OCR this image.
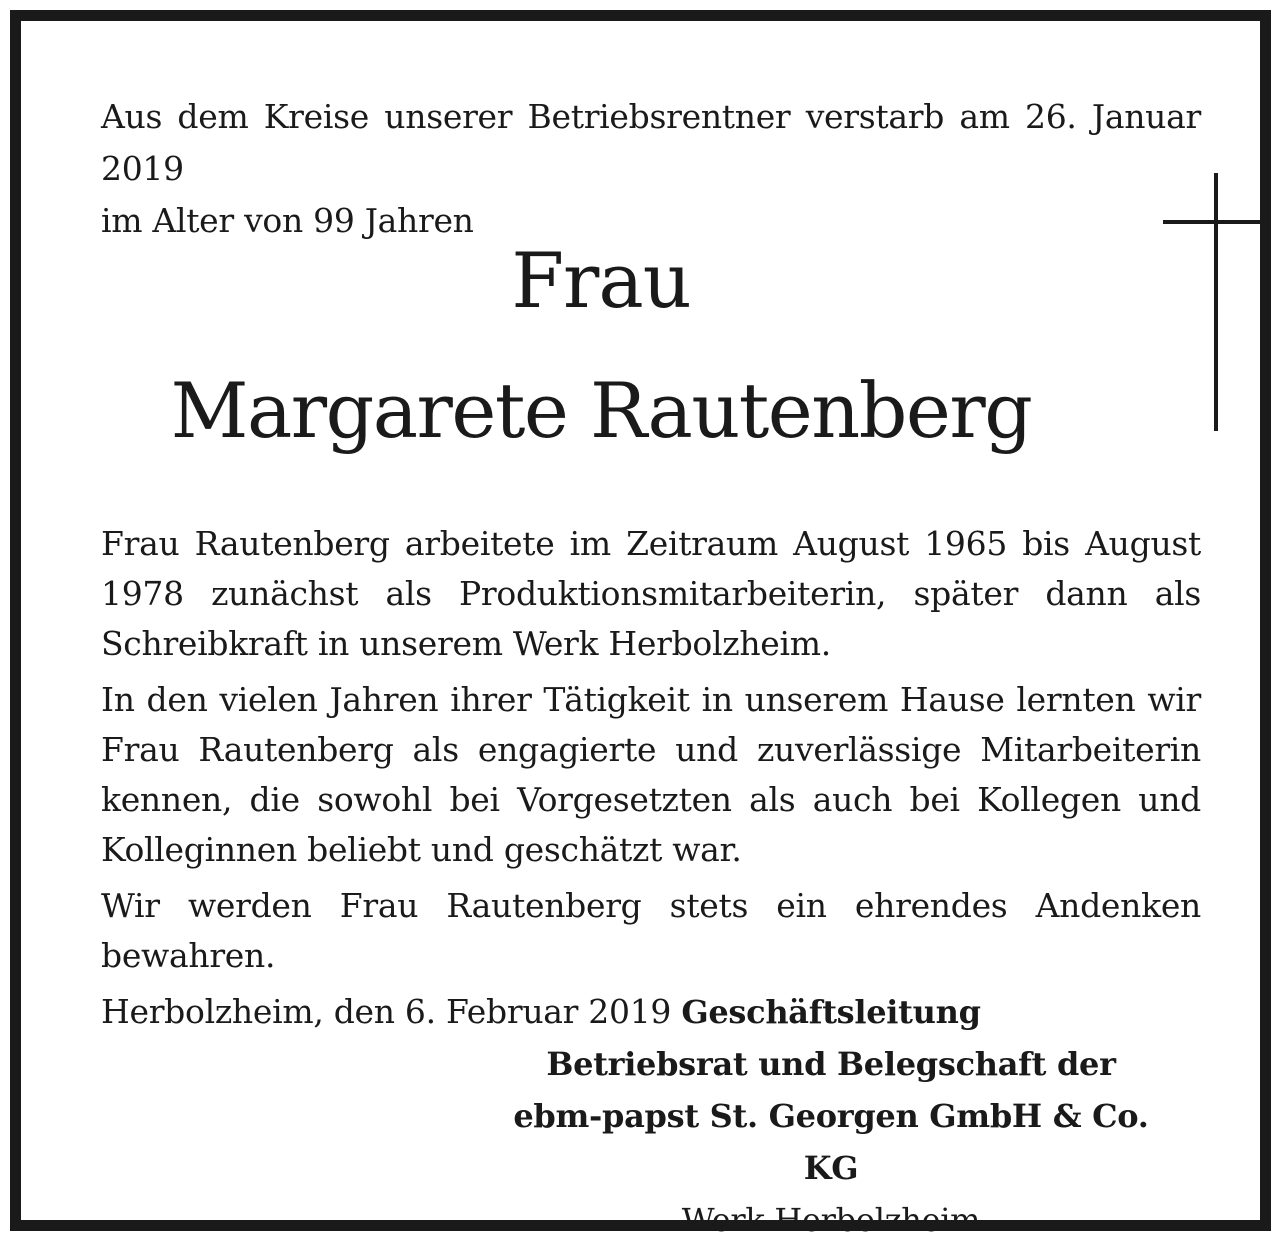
Aus dem Kreise unserer Betriebsrentner verstarb am 26. Januar 2019
im Alter von 99 Jahren
Frau
Margarete Rautenberg

Frau Rautenberg arbeitete im Zeitraum August 1965 bis August 1978 zunächst als Produktionsmitarbeiterin, später dann als Schreibkraft in unserem Werk Herbolzheim.

In den vielen Jahren ihrer Tätigkeit in unserem Hause lernten wir Frau Rautenberg als engagierte und zuverlässige Mitarbeiterin kennen, die sowohl bei Vorgesetzten als auch bei Kollegen und Kolleginnen beliebt und geschätzt war.

Wir werden Frau Rautenberg stets ein ehrendes Andenken bewahren.

Herbolzheim, den 6. Februar 2019 Geschäftsleitung
Betriebsrat und Belegschaft der
ebm-papst St. Georgen GmbH & Co. KG
Werk Herbolzheim
